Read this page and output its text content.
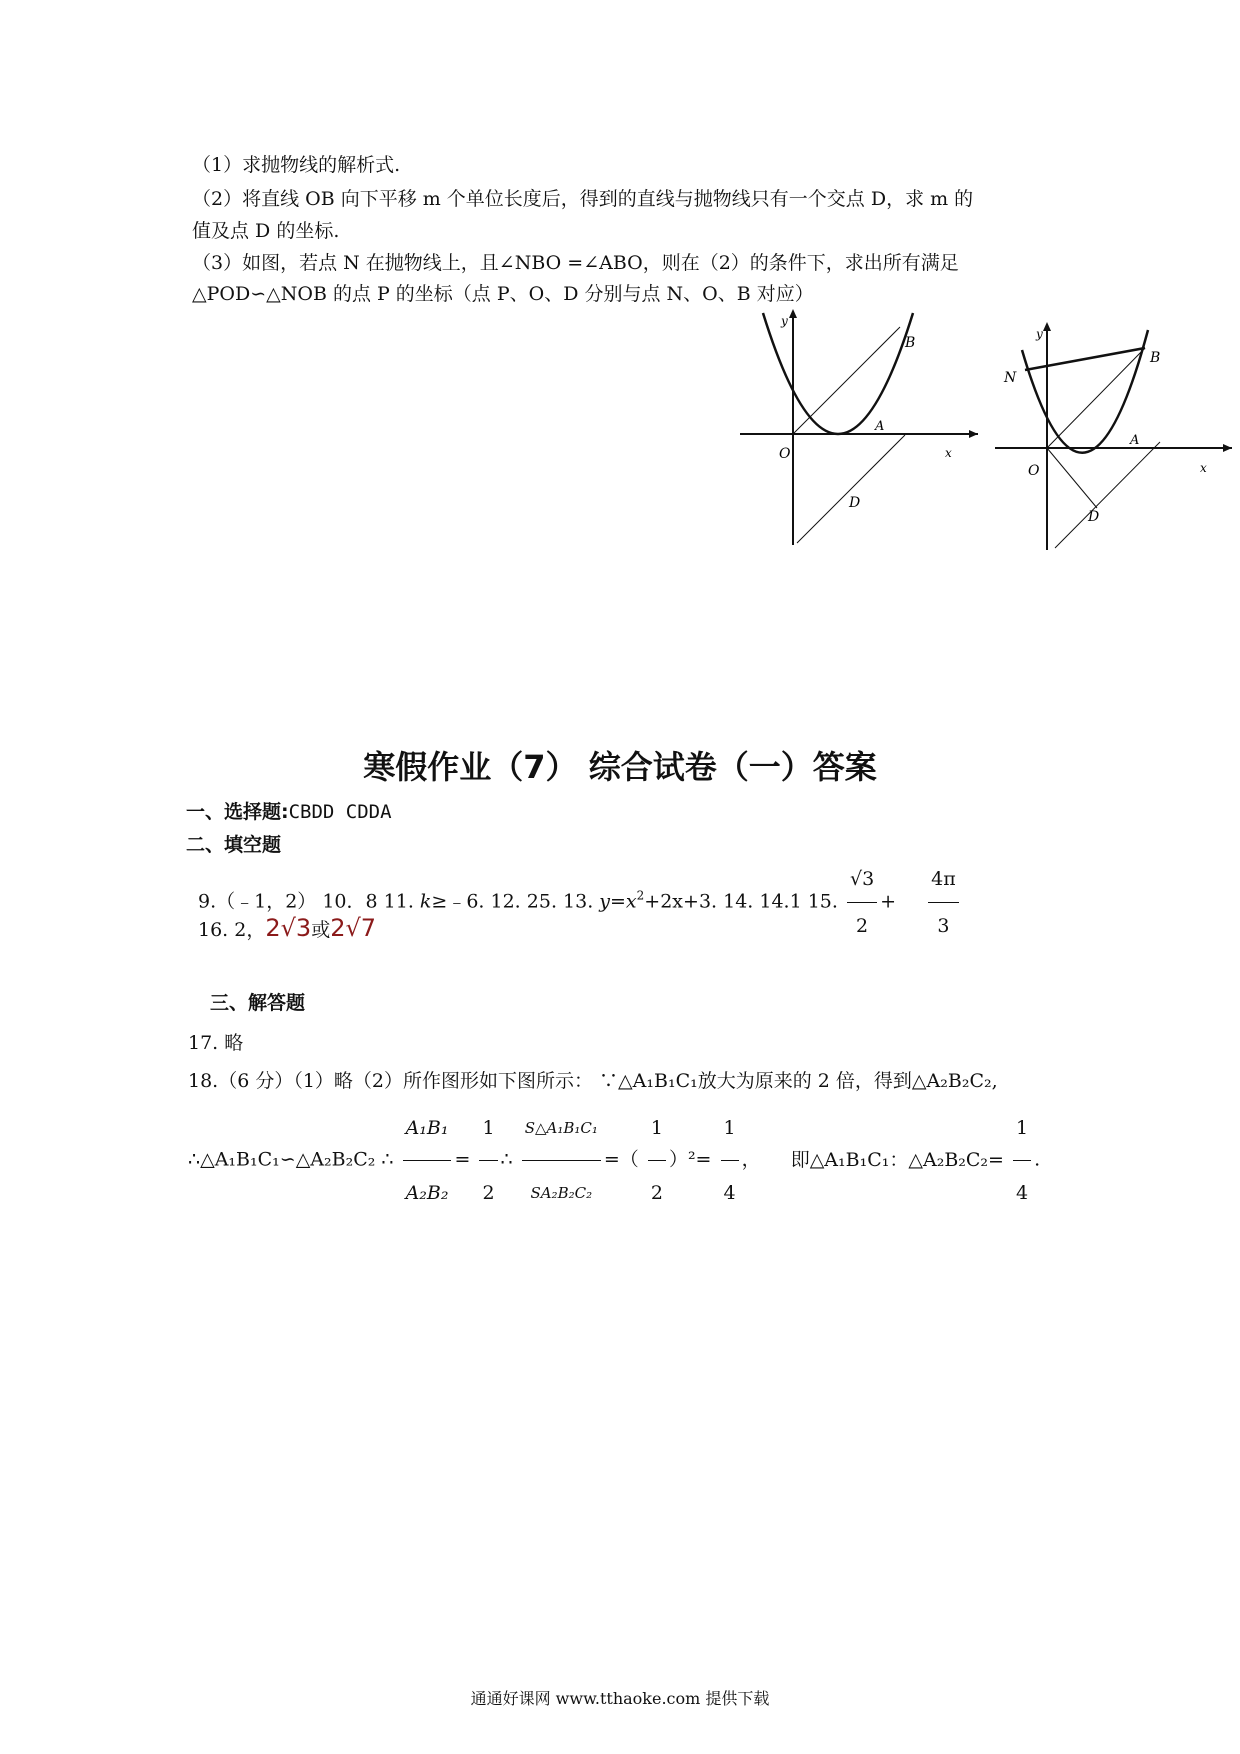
（1）求抛物线的解析式.
（2）将直线 OB 向下平移 m 个单位长度后，得到的直线与抛物线只有一个交点 D，求 m 的
值及点 D 的坐标.
（3）如图，若点 N 在抛物线上，且∠NBO =∠ABO，则在（2）的条件下，求出所有满足
△POD∽△NOB 的点 P 的坐标（点 P、O、D 分别与点 N、O、B 对应）
O
y
x
A
B
D
O
y
x
A
B
N
D
寒假作业（7） 综合试卷（一）答案
一、选择题:CBDD CDDA
二、填空题
9.（﹣1，2） 10．8 11. k≥﹣6. 12. 25. 13. $y=x^2+2x+3$. 14. 14.1 15. $\frac{√3}{2} + \frac{4\pi}{3}$
16. 2，2√3或2√7
三、解答题
17. 略
18.（6 分）（1）略（2）所作图形如下图所示： ∵△A₁B₁C₁放大为原来的 2 倍，得到△A₂B₂C₂,
∴△A₁B₁C₁∽△A₂B₂C₂ ∴ $\frac{\text{A₁B₁}}{\text{A₂B₂}} = \frac{1}{2}$ ∴ $\frac{\text{S△A₁B₁C₁}}{\text{SA₂B₂C₂}}$ =（ $\frac{1}{2} )^2= \frac{1}{4}$ ， 即△A₁B₁C₁：△A₂B₂C₂= $\frac{1}{4}$ .
通通好课网 www.tthaoke.com 提供下载
